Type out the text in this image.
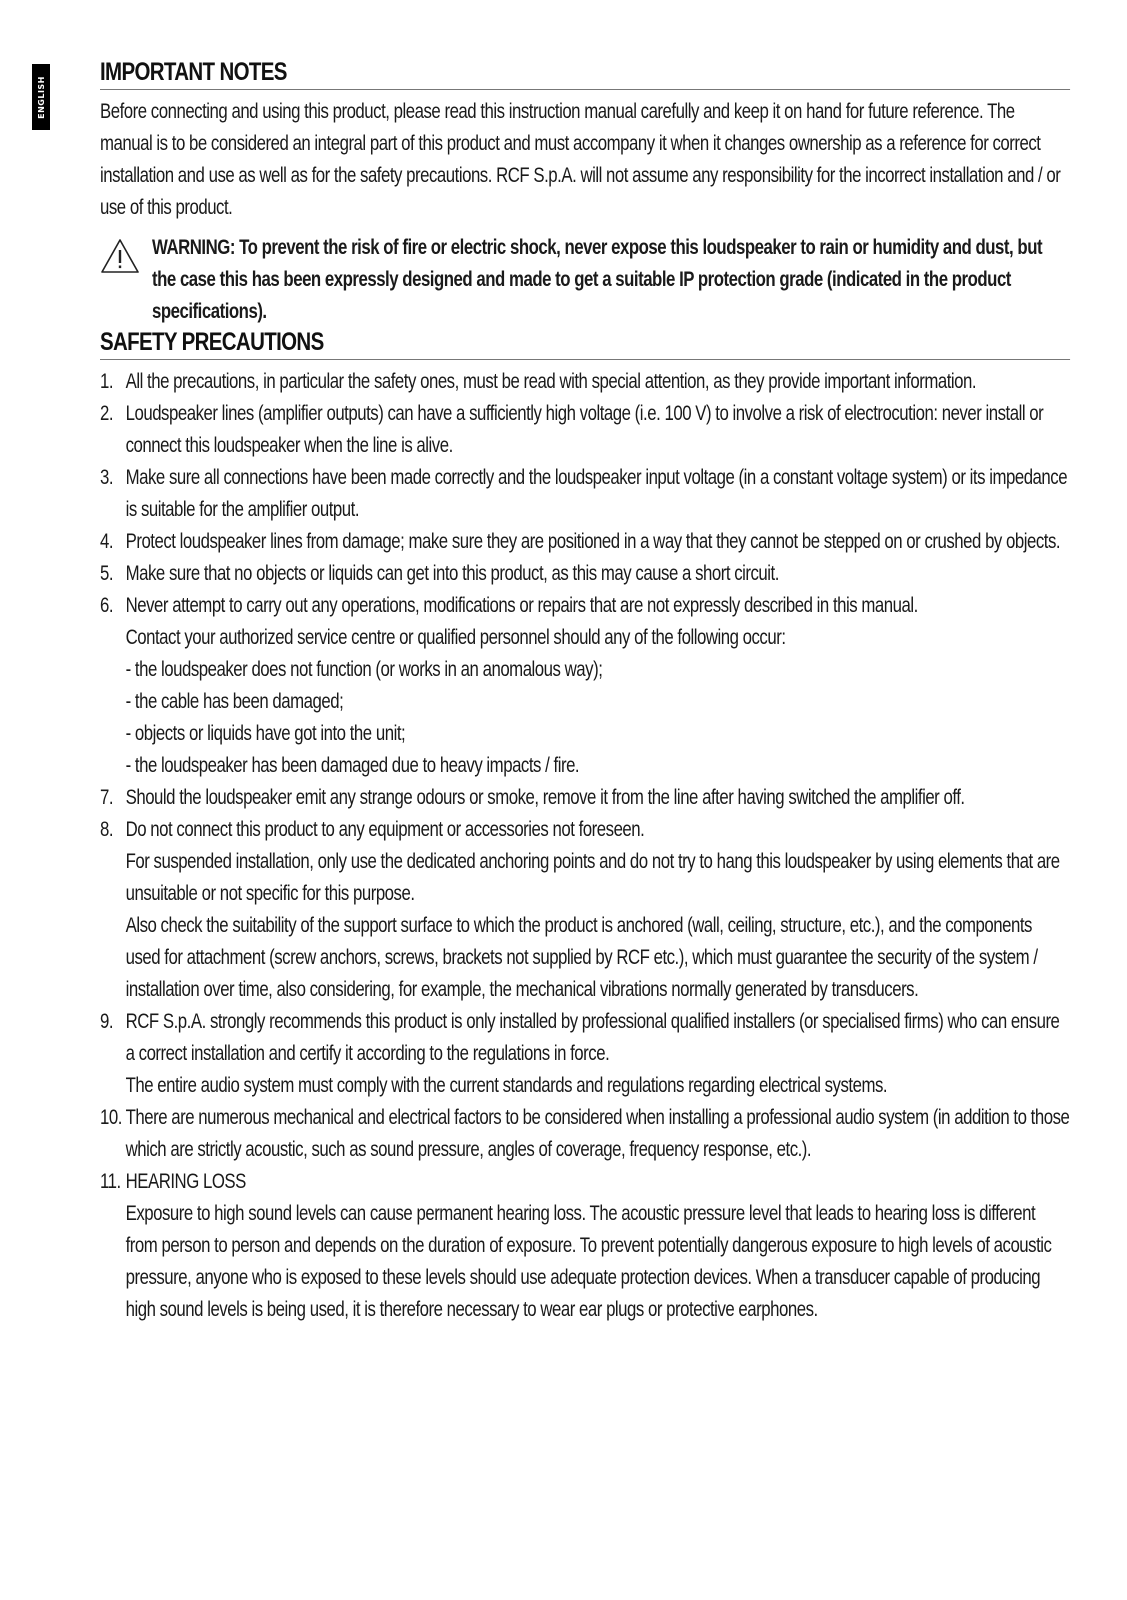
ENGLISH
IMPORTANT NOTES
Before connecting and using this product, please read this instruction manual carefully and keep it on hand for future reference. The manual is to be considered an integral part of this product and must accompany it when it changes ownership as a reference for correct installation and use as well as for the safety precautions. RCF S.p.A. will not assume any responsibility for the incorrect installation and / or use of this product.
WARNING: To prevent the risk of fire or electric shock, never expose this loudspeaker to rain or humidity and dust, but the case this has been expressly designed and made to get a suitable IP protection grade (indicated in the product specifications).
SAFETY PRECAUTIONS
1. All the precautions, in particular the safety ones, must be read with special attention, as they provide important information.
2. Loudspeaker lines (amplifier outputs) can have a sufficiently high voltage (i.e. 100 V) to involve a risk of electrocution: never install or connect this loudspeaker when the line is alive.
3. Make sure all connections have been made correctly and the loudspeaker input voltage (in a constant voltage system) or its impedance is suitable for the amplifier output.
4. Protect loudspeaker lines from damage; make sure they are positioned in a way that they cannot be stepped on or crushed by objects.
5. Make sure that no objects or liquids can get into this product, as this may cause a short circuit.
6. Never attempt to carry out any operations, modifications or repairs that are not expressly described in this manual.
Contact your authorized service centre or qualified personnel should any of the following occur:
- the loudspeaker does not function (or works in an anomalous way);
- the cable has been damaged;
- objects or liquids have got into the unit;
- the loudspeaker has been damaged due to heavy impacts / fire.
7. Should the loudspeaker emit any strange odours or smoke, remove it from the line after having switched the amplifier off.
8. Do not connect this product to any equipment or accessories not foreseen.
For suspended installation, only use the dedicated anchoring points and do not try to hang this loudspeaker by using elements that are unsuitable or not specific for this purpose.
Also check the suitability of the support surface to which the product is anchored (wall, ceiling, structure, etc.), and the components used for attachment (screw anchors, screws, brackets not supplied by RCF etc.), which must guarantee the security of the system / installation over time, also considering, for example, the mechanical vibrations normally generated by transducers.
9. RCF S.p.A. strongly recommends this product is only installed by professional qualified installers (or specialised firms) who can ensure a correct installation and certify it according to the regulations in force.
The entire audio system must comply with the current standards and regulations regarding electrical systems.
10. There are numerous mechanical and electrical factors to be considered when installing a professional audio system (in addition to those which are strictly acoustic, such as sound pressure, angles of coverage, frequency response, etc.).
11. HEARING LOSS
Exposure to high sound levels can cause permanent hearing loss. The acoustic pressure level that leads to hearing loss is different from person to person and depends on the duration of exposure. To prevent potentially dangerous exposure to high levels of acoustic pressure, anyone who is exposed to these levels should use adequate protection devices. When a transducer capable of producing high sound levels is being used, it is therefore necessary to wear ear plugs or protective earphones.
